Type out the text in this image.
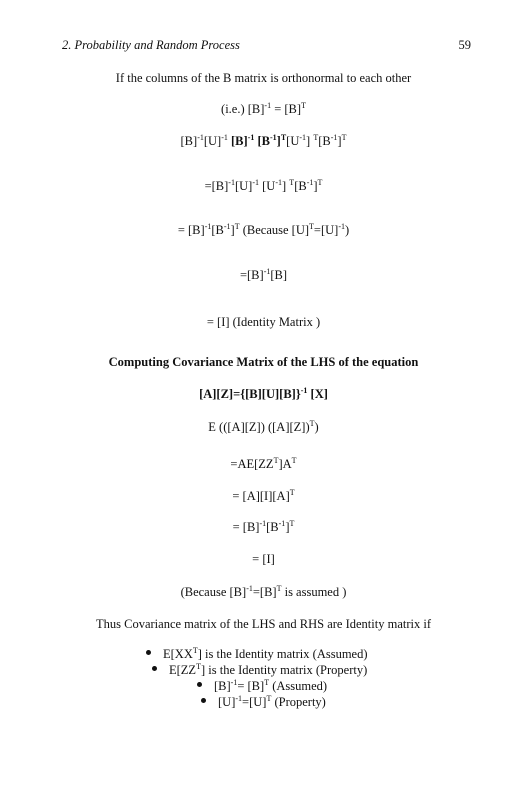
2. Probability and Random Process	59
If the columns of the B matrix is orthonormal to each other
(i.e.) $[B]^{-1} = [B]^T$
$[B]^{-1}[U]^{-1}$ $[B]^{-1}$ $[B^{-1}]^T[U^{-1}]$ $^T[B^{-1}]^T$
$=[B]^{-1}[U]^{-1}$ $[U^{-1}]$ $^T[B^{-1}]^T$
= $[B]^{-1}[B^{-1}]^T$ (Because $[U]^T=[U]^{-1}$)
$=[B]^{-1}[B]$
= [I] (Identity Matrix )
Computing Covariance Matrix of the LHS of the equation
$[A][Z]=\{[B][U][B]\}^{-1}$ [X]
E (([A][Z]) $([A][Z])^T$)
$=AE[ZZ^T]A^T$
= $[A][I][A]^T$
= $[B]^{-1}[B^{-1}]^T$
= [I]
(Because $[B]^{-1}=[B]^T$ is assumed )
Thus Covariance matrix of the LHS and RHS are Identity matrix if
$E[XX^T]$ is the Identity matrix (Assumed)
$E[ZZ^T]$ is the Identity matrix (Property)
$[B]^{-1}= [B]^T$ (Assumed)
$[U]^{-1}=[U]^T$ (Property)
